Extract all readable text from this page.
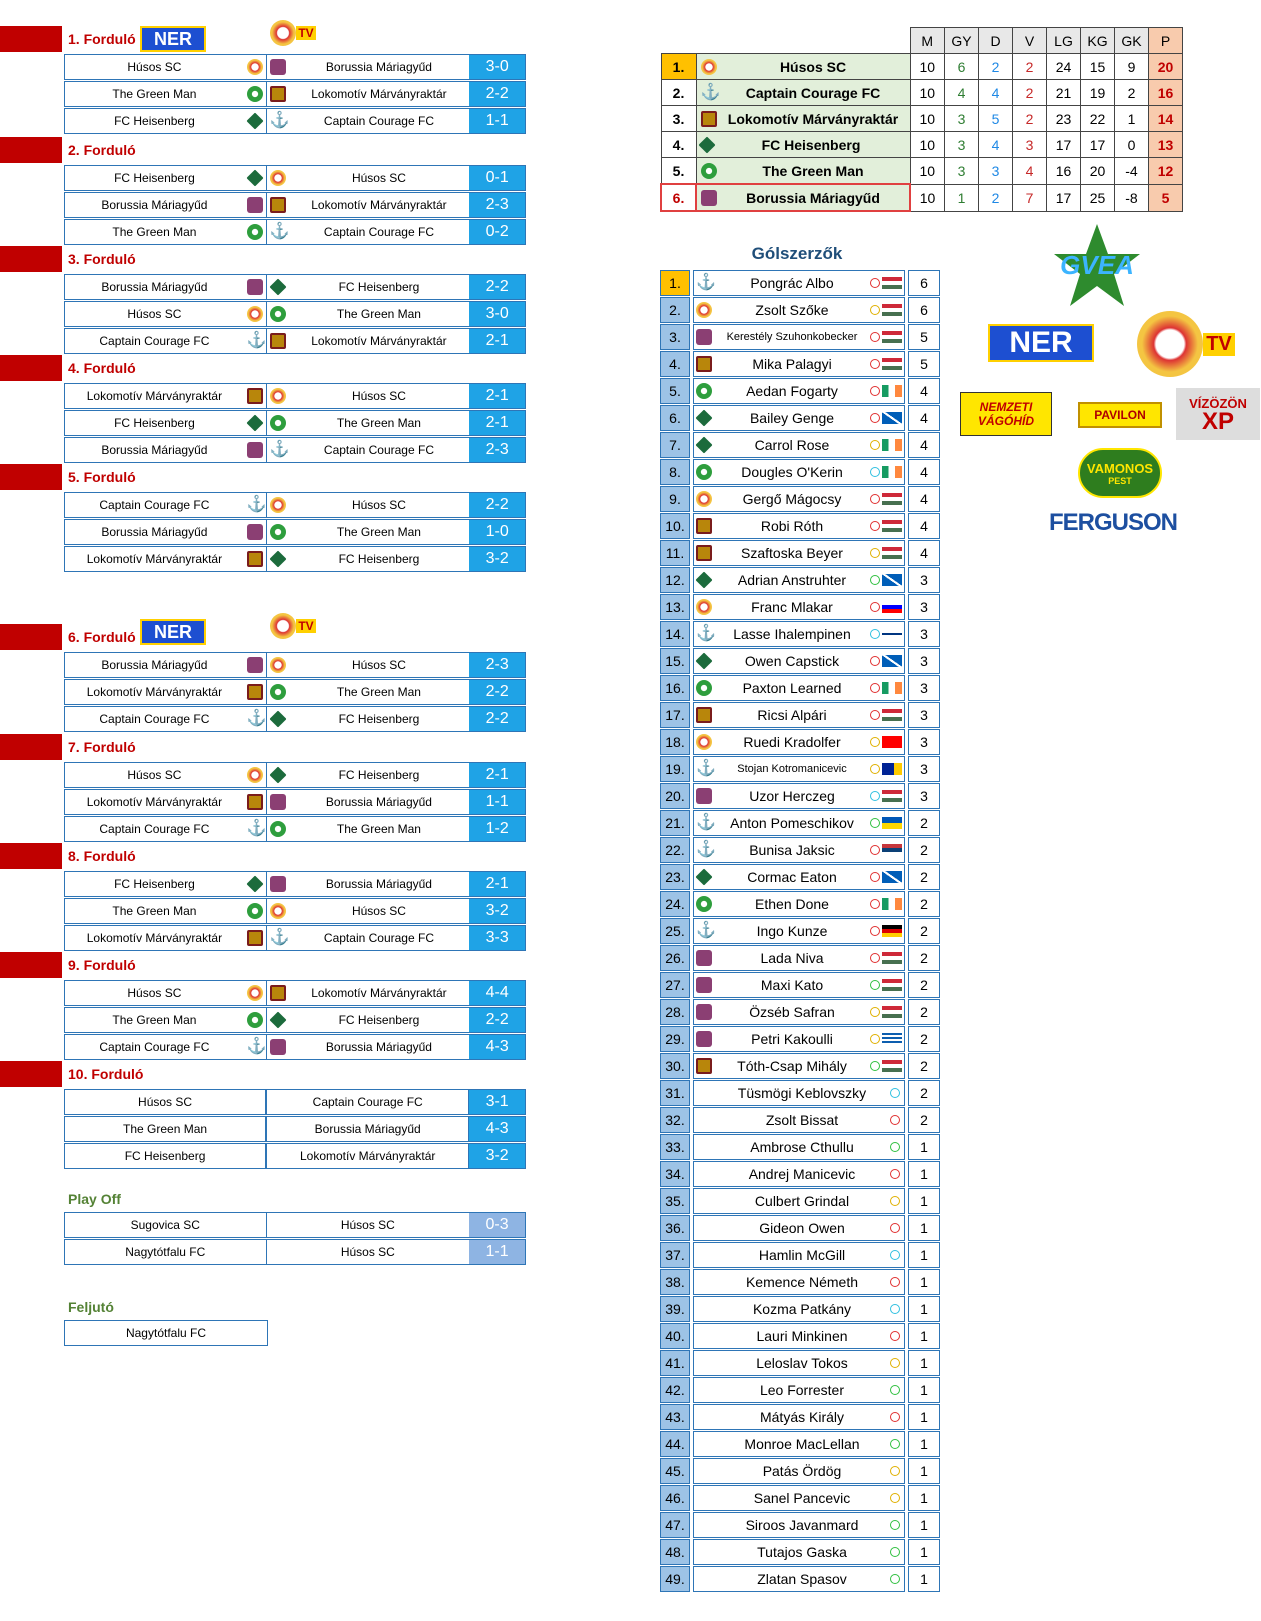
NER	TV
NER	TV
1. Forduló
Húsos SC	Borussia Máriagyűd	3-0
The Green Man	Lokomotív Márványraktár	2-2
FC Heisenberg	⚓	Captain Courage FC	1-1
2. Forduló
FC Heisenberg	Húsos SC	0-1
Borussia Máriagyűd	Lokomotív Márványraktár	2-3
The Green Man	⚓	Captain Courage FC	0-2
3. Forduló
Borussia Máriagyűd	FC Heisenberg	2-2
Húsos SC	The Green Man	3-0
Captain Courage FC	⚓	Lokomotív Márványraktár	2-1
4. Forduló
Lokomotív Márványraktár	Húsos SC	2-1
FC Heisenberg	The Green Man	2-1
Borussia Máriagyűd	⚓	Captain Courage FC	2-3
5. Forduló
Captain Courage FC	⚓	Húsos SC	2-2
Borussia Máriagyűd	The Green Man	1-0
Lokomotív Márványraktár	FC Heisenberg	3-2
6. Forduló
Borussia Máriagyűd	Húsos SC	2-3
Lokomotív Márványraktár	The Green Man	2-2
Captain Courage FC	⚓	FC Heisenberg	2-2
7. Forduló
Húsos SC	FC Heisenberg	2-1
Lokomotív Márványraktár	Borussia Máriagyűd	1-1
Captain Courage FC	⚓	The Green Man	1-2
8. Forduló
FC Heisenberg	Borussia Máriagyűd	2-1
The Green Man	Húsos SC	3-2
Lokomotív Márványraktár	⚓	Captain Courage FC	3-3
9. Forduló
Húsos SC	Lokomotív Márványraktár	4-4
The Green Man	FC Heisenberg	2-2
Captain Courage FC	⚓	Borussia Máriagyűd	4-3
10. Forduló
Húsos SC	Captain Courage FC	3-1
The Green Man	Borussia Máriagyűd	4-3
FC Heisenberg	Lokomotív Márványraktár	3-2
Play Off
Sugovica SC	Húsos SC	0-3
Nagytótfalu FC	Húsos SC	1-1
Feljutó
Nagytótfalu FC
		M	GY	D	V	LG	KG	GK	P
1.	Húsos SC	10	6	2	2	24	15	9	20
2.	⚓ Captain Courage FC	10	4	4	2	21	19	2	16
3.	Lokomotív Márványraktár	10	3	5	2	23	22	1	14
4.	FC Heisenberg	10	3	4	3	17	17	0	13
5.	The Green Man	10	3	3	4	16	20	-4	12
6.	Borussia Máriagyűd	10	1	2	7	17	25	-8	5
Gólszerzők
1. ⚓	Pongrác Albo	6
2.	Zsolt Szőke	6
3.	Kerestély Szuhonkobecker	5
4.	Mika Palagyi	5
5.	Aedan Fogarty	4
6.	Bailey Genge	4
7.	Carrol Rose	4
8.	Dougles O'Kerin	4
9.	Gergő Mágocsy	4
10.	Robi Róth	4
11.	Szaftoska Beyer	4
12.	Adrian Anstruhter	3
13.	Franc Mlakar	3
14. ⚓	Lasse Ihalempinen	3
15.	Owen Capstick	3
16.	Paxton Learned	3
17.	Ricsi Alpári	3
18.	Ruedi Kradolfer	3
19. ⚓	Stojan Kotromanicevic	3
20.	Uzor Herczeg	3
21. ⚓	Anton Pomeschikov	2
22. ⚓	Bunisa Jaksic	2
23.	Cormac Eaton	2
24.	Ethen Done	2
25. ⚓	Ingo Kunze	2
26.	Lada Niva	2
27.	Maxi Kato	2
28.	Özséb Safran	2
29.	Petri Kakoulli	2
30.	Tóth-Csap Mihály	2
31.	Tüsmögi Keblovszky	2
32.	Zsolt Bissat	2
33.	Ambrose Cthullu	1
34.	Andrej Manicevic	1
35.	Culbert Grindal	1
36.	Gideon Owen	1
37.	Hamlin McGill	1
38.	Kemence Németh	1
39.	Kozma Patkány	1
40.	Lauri Minkinen	1
41.	Leloslav Tokos	1
42.	Leo Forrester	1
43.	Mátyás Király	1
44.	Monroe MacLellan	1
45.	Patás Ördög	1
46.	Sanel Pancevic	1
47.	Siroos Javanmard	1
48.	Tutajos Gaska	1
49.	Zlatan Spasov	1
GVEA
NER	TV
NEMZETI VÁGÓHÍD	PAVILON
VÍZÖZÖN
XP
VAMONOS
PEST
FERGUSON
